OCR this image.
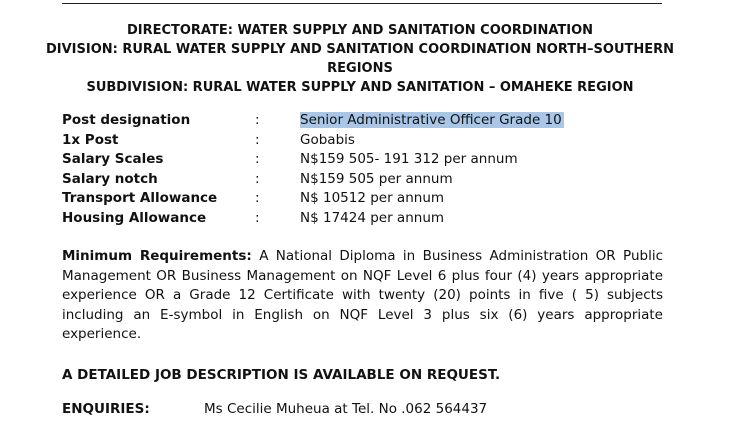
DIRECTORATE: WATER SUPPLY AND SANITATION COORDINATION
DIVISION: RURAL WATER SUPPLY AND SANITATION COORDINATION NORTH–SOUTHERN
REGIONS
SUBDIVISION: RURAL WATER SUPPLY AND SANITATION – OMAHEKE REGION
Post designation	:	Senior Administrative Officer Grade 10
1x Post	:	Gobabis
Salary Scales	:	N$159 505- 191 312 per annum
Salary notch	:	N$159 505 per annum
Transport Allowance	:	N$ 10512 per annum
Housing Allowance	:	N$ 17424 per annum
Minimum Requirements: A National Diploma in Business Administration OR Public Management OR Business Management on NQF Level 6 plus four (4) years appropriate experience OR a Grade 12 Certificate with twenty (20) points in five ( 5) subjects including an E-symbol in English on NQF Level 3 plus six (6) years appropriate experience.
A DETAILED JOB DESCRIPTION IS AVAILABLE ON REQUEST.
ENQUIRIES:	Ms Cecilie Muheua at Tel. No .062 564437
